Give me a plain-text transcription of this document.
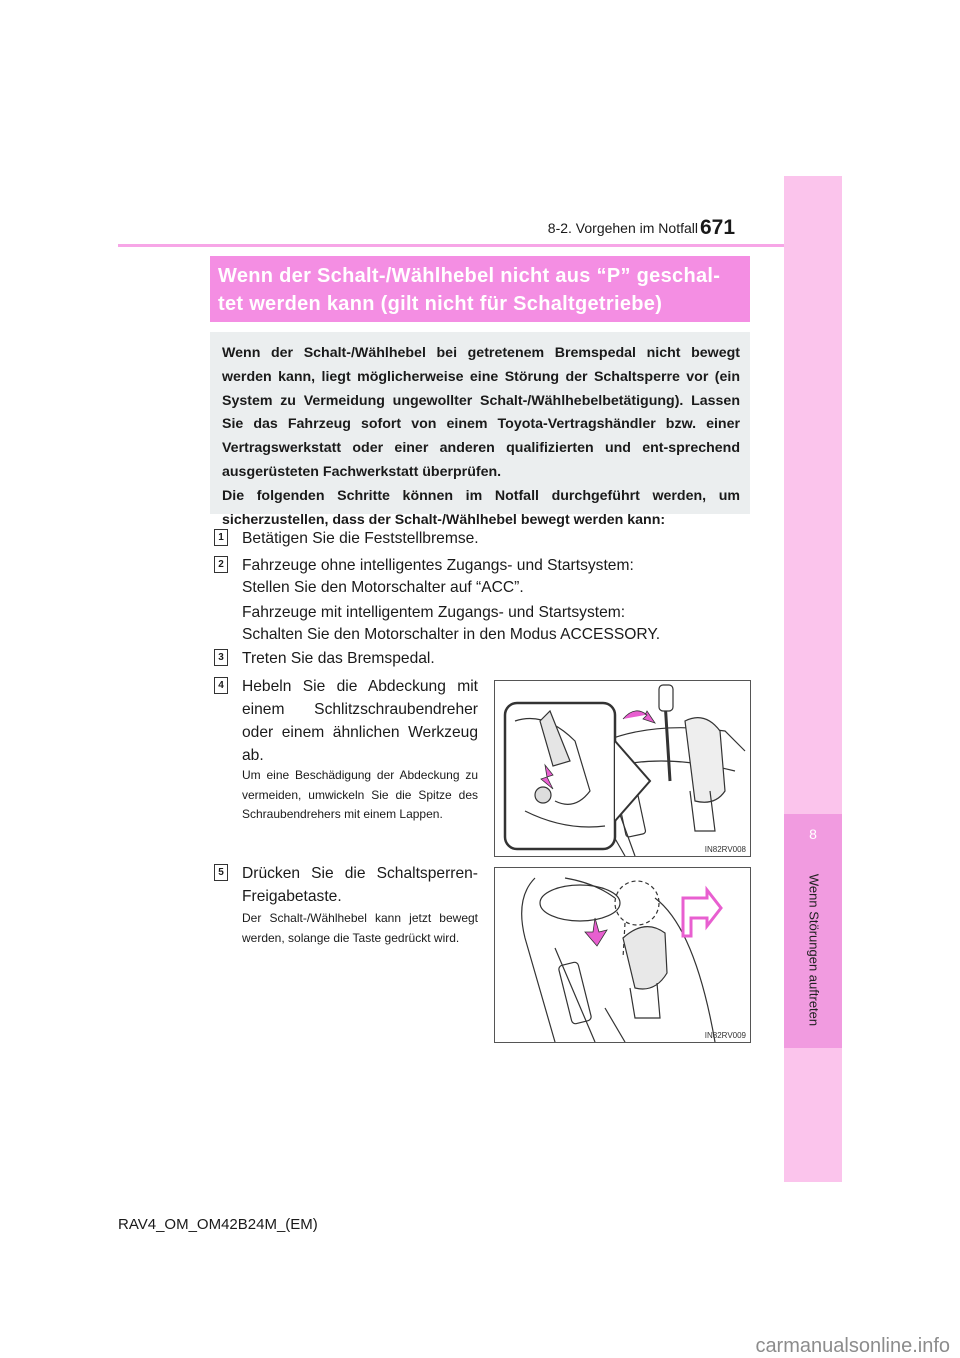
8
Wenn Störungen auftreten
8-2. Vorgehen im Notfall 671
Wenn der Schalt-/Wählhebel nicht aus “P” geschal-tet werden kann (gilt nicht für Schaltgetriebe)

Wenn der Schalt-/Wählhebel bei getretenem Bremspedal nicht bewegt werden kann, liegt möglicherweise eine Störung der Schaltsperre vor (ein System zu Vermeidung ungewollter Schalt-/Wählhebelbetätigung). Lassen Sie das Fahrzeug sofort von einem Toyota-Vertragshändler bzw. einer Vertragswerkstatt oder einer anderen qualifizierten und ent-sprechend ausgerüsteten Fachwerkstatt überprüfen.
Die folgenden Schritte können im Notfall durchgeführt werden, um sicherzustellen, dass der Schalt-/Wählhebel bewegt werden kann:

1 Betätigen Sie die Feststellbremse.

2 Fahrzeuge ohne intelligentes Zugangs- und Startsystem:

Stellen Sie den Motorschalter auf “ACC”.

Fahrzeuge mit intelligentem Zugangs- und Startsystem:

Schalten Sie den Motorschalter in den Modus ACCESSORY.

3 Treten Sie das Bremspedal.

4 Hebeln Sie die Abdeckung mit einem Schlitzschraubendreher oder einem ähnlichen Werkzeug ab.

Um eine Beschädigung der Abdeckung zu vermeiden, umwickeln Sie die Spitze des Schraubendrehers mit einem Lappen.

IN82RV008
5 Drücken Sie die Schaltsperren-Freigabetaste.

Der Schalt-/Wählhebel kann jetzt bewegt werden, solange die Taste gedrückt wird.

IN82RV009
RAV4_OM_OM42B24M_(EM)
carmanualsonline.info
